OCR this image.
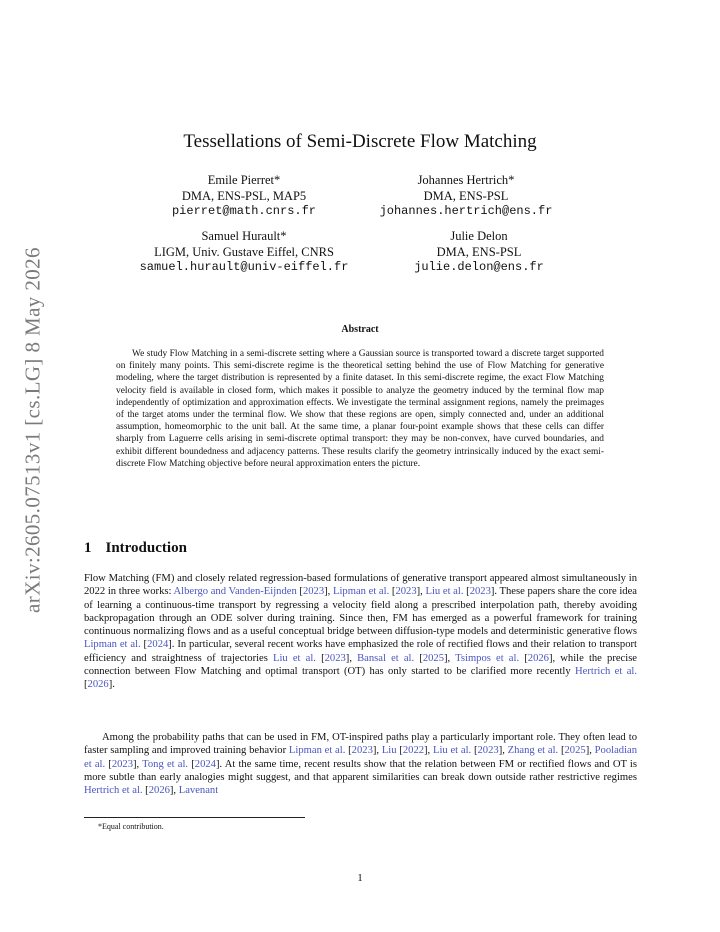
arXiv:2605.07513v1 [cs.LG] 8 May 2026
Tessellations of Semi-Discrete Flow Matching
Emile Pierret*
DMA, ENS-PSL, MAP5
pierret@math.cnrs.fr
Johannes Hertrich*
DMA, ENS-PSL
johannes.hertrich@ens.fr
Samuel Hurault*
LIGM, Univ. Gustave Eiffel, CNRS
samuel.hurault@univ-eiffel.fr
Julie Delon
DMA, ENS-PSL
julie.delon@ens.fr
Abstract

We study Flow Matching in a semi-discrete setting where a Gaussian source is transported toward a discrete target supported on finitely many points. This semi-discrete regime is the theoretical setting behind the use of Flow Matching for generative modeling, where the target distribution is represented by a finite dataset. In this semi-discrete regime, the exact Flow Matching velocity field is available in closed form, which makes it possible to analyze the geometry induced by the terminal flow map independently of optimization and approximation effects. We investigate the terminal assignment regions, namely the preimages of the target atoms under the terminal flow. We show that these regions are open, simply connected and, under an additional assumption, homeomorphic to the unit ball. At the same time, a planar four-point example shows that these cells can differ sharply from Laguerre cells arising in semi-discrete optimal transport: they may be non-convex, have curved boundaries, and exhibit different boundedness and adjacency patterns. These results clarify the geometry intrinsically induced by the exact semi-discrete Flow Matching objective before neural approximation enters the picture.

1 Introduction

Flow Matching (FM) and closely related regression-based formulations of generative transport appeared almost simultaneously in 2022 in three works: Albergo and Vanden-Eijnden [2023], Lipman et al. [2023], Liu et al. [2023]. These papers share the core idea of learning a continuous-time transport by regressing a velocity field along a prescribed interpolation path, thereby avoiding backpropagation through an ODE solver during training. Since then, FM has emerged as a powerful framework for training continuous normalizing flows and as a useful conceptual bridge between diffusion-type models and deterministic generative flows Lipman et al. [2024]. In particular, several recent works have emphasized the role of rectified flows and their relation to transport efficiency and straightness of trajectories Liu et al. [2023], Bansal et al. [2025], Tsimpos et al. [2026], while the precise connection between Flow Matching and optimal transport (OT) has only started to be clarified more recently Hertrich et al. [2026].

Among the probability paths that can be used in FM, OT-inspired paths play a particularly important role. They often lead to faster sampling and improved training behavior Lipman et al. [2023], Liu [2022], Liu et al. [2023], Zhang et al. [2025], Pooladian et al. [2023], Tong et al. [2024]. At the same time, recent results show that the relation between FM or rectified flows and OT is more subtle than early analogies might suggest, and that apparent similarities can break down outside rather restrictive regimes Hertrich et al. [2026], Lavenant

*Equal contribution.
1
